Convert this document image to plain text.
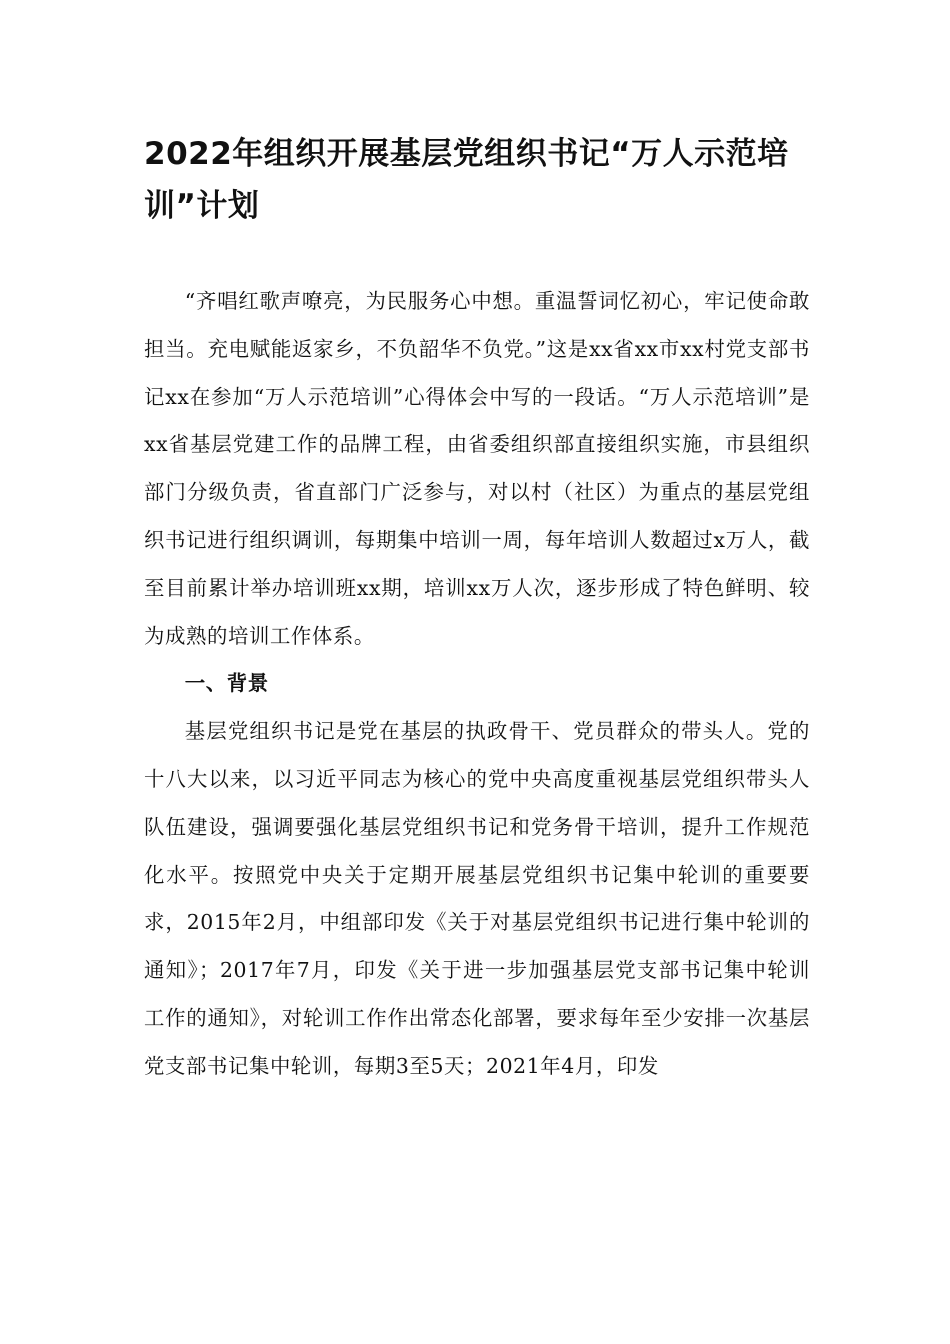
2022年组织开展基层党组织书记“万人示范培训”计划

“齐唱红歌声嘹亮，为民服务心中想。重温誓词忆初心，牢记使命敢担当。充电赋能返家乡，不负韶华不负党。”这是xx省xx市xx村党支部书记xx在参加“万人示范培训”心得体会中写的一段话。“万人示范培训”是xx省基层党建工作的品牌工程，由省委组织部直接组织实施，市县组织部门分级负责，省直部门广泛参与，对以村（社区）为重点的基层党组织书记进行组织调训，每期集中培训一周，每年培训人数超过x万人，截至目前累计举办培训班xx期，培训xx万人次，逐步形成了特色鲜明、较为成熟的培训工作体系。

一、背景

基层党组织书记是党在基层的执政骨干、党员群众的带头人。党的十八大以来，以习近平同志为核心的党中央高度重视基层党组织带头人队伍建设，强调要强化基层党组织书记和党务骨干培训，提升工作规范化水平。按照党中央关于定期开展基层党组织书记集中轮训的重要要求，2015年2月，中组部印发《关于对基层党组织书记进行集中轮训的通知》；2017年7月，印发《关于进一步加强基层党支部书记集中轮训工作的通知》，对轮训工作作出常态化部署，要求每年至少安排一次基层党支部书记集中轮训，每期3至5天；2021年4月，印发
